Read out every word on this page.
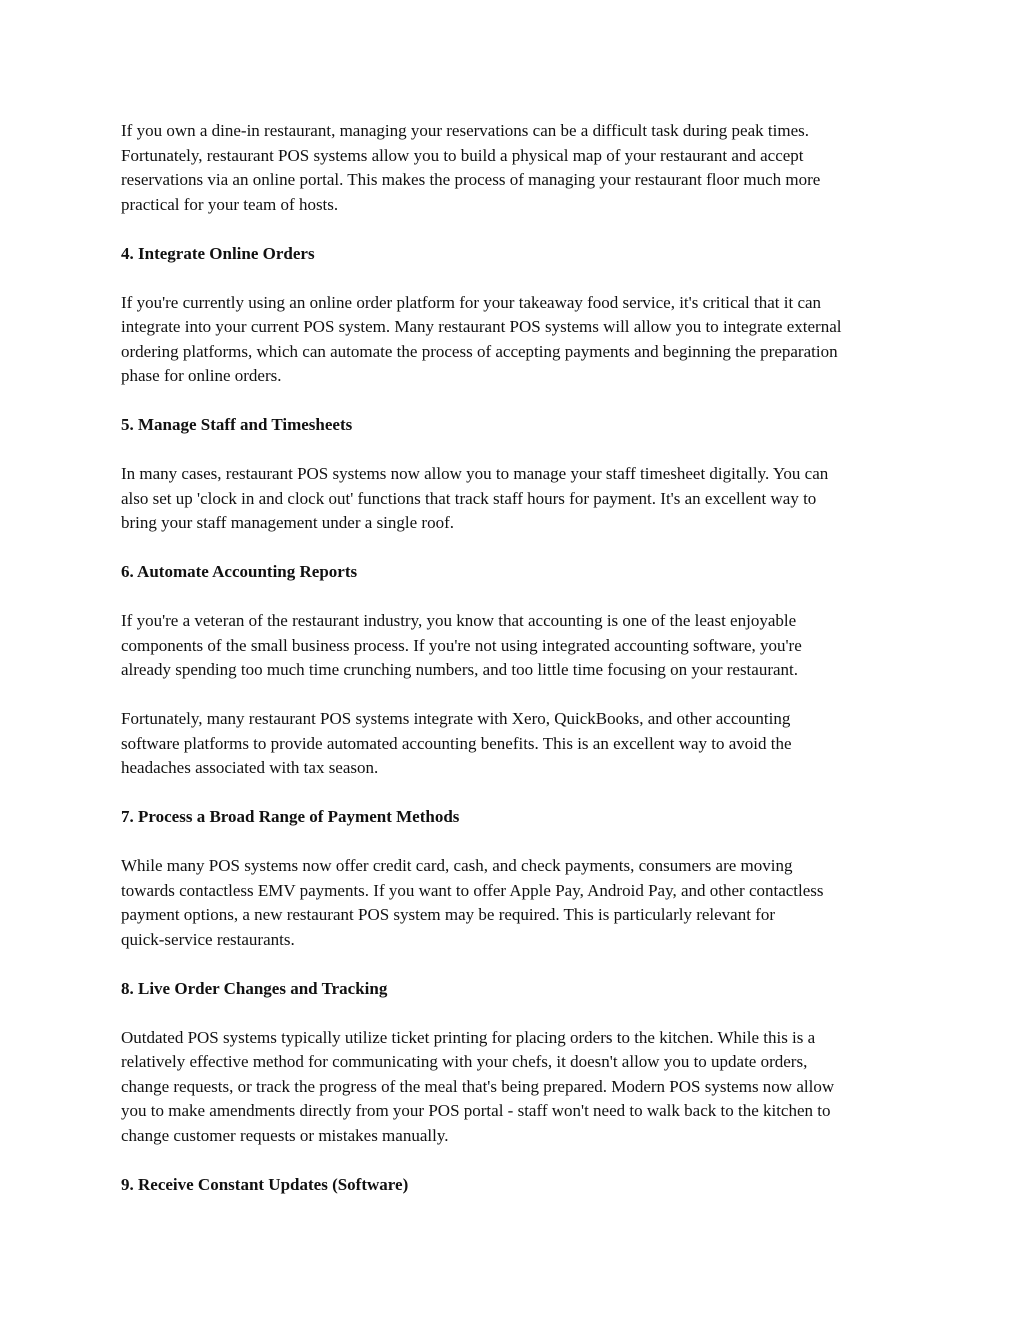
If you own a dine-in restaurant, managing your reservations can be a difficult task during peak times.
Fortunately, restaurant POS systems allow you to build a physical map of your restaurant and accept
reservations via an online portal. This makes the process of managing your restaurant floor much more
practical for your team of hosts.

4. Integrate Online Orders

If you're currently using an online order platform for your takeaway food service, it's critical that it can
integrate into your current POS system. Many restaurant POS systems will allow you to integrate external
ordering platforms, which can automate the process of accepting payments and beginning the preparation
phase for online orders.

5. Manage Staff and Timesheets

In many cases, restaurant POS systems now allow you to manage your staff timesheet digitally. You can
also set up 'clock in and clock out' functions that track staff hours for payment. It's an excellent way to
bring your staff management under a single roof.

6. Automate Accounting Reports

If you're a veteran of the restaurant industry, you know that accounting is one of the least enjoyable
components of the small business process. If you're not using integrated accounting software, you're
already spending too much time crunching numbers, and too little time focusing on your restaurant.

Fortunately, many restaurant POS systems integrate with Xero, QuickBooks, and other accounting
software platforms to provide automated accounting benefits. This is an excellent way to avoid the
headaches associated with tax season.

7. Process a Broad Range of Payment Methods

While many POS systems now offer credit card, cash, and check payments, consumers are moving
towards contactless EMV payments. If you want to offer Apple Pay, Android Pay, and other contactless
payment options, a new restaurant POS system may be required. This is particularly relevant for
quick-service restaurants.

8. Live Order Changes and Tracking

Outdated POS systems typically utilize ticket printing for placing orders to the kitchen. While this is a
relatively effective method for communicating with your chefs, it doesn't allow you to update orders,
change requests, or track the progress of the meal that's being prepared. Modern POS systems now allow
you to make amendments directly from your POS portal - staff won't need to walk back to the kitchen to
change customer requests or mistakes manually.

9. Receive Constant Updates (Software)
